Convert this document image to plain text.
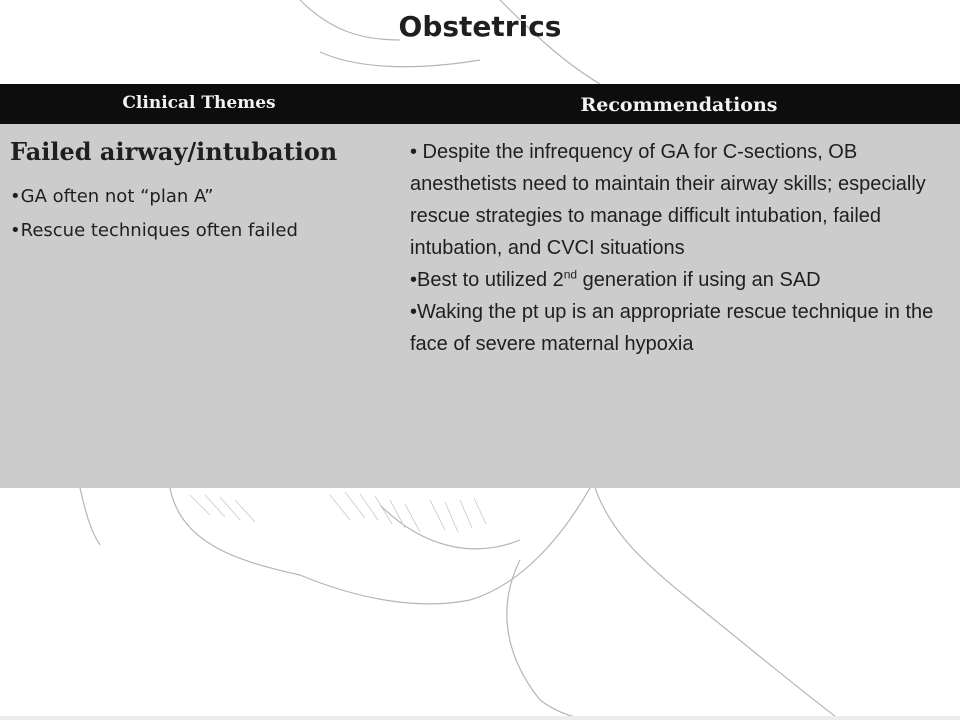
Obstetrics
Clinical Themes	Recommendations
Failed airway/intubation

•GA often not “plan A”

•Rescue techniques often failed

• Despite the infrequency of GA for C-sections, OB anesthetists need to maintain their airway skills; especially rescue strategies to manage difficult intubation, failed intubation, and CVCI situations

•Best to utilized 2nd generation if using an SAD

•Waking the pt up is an appropriate rescue technique in the face of severe maternal hypoxia
